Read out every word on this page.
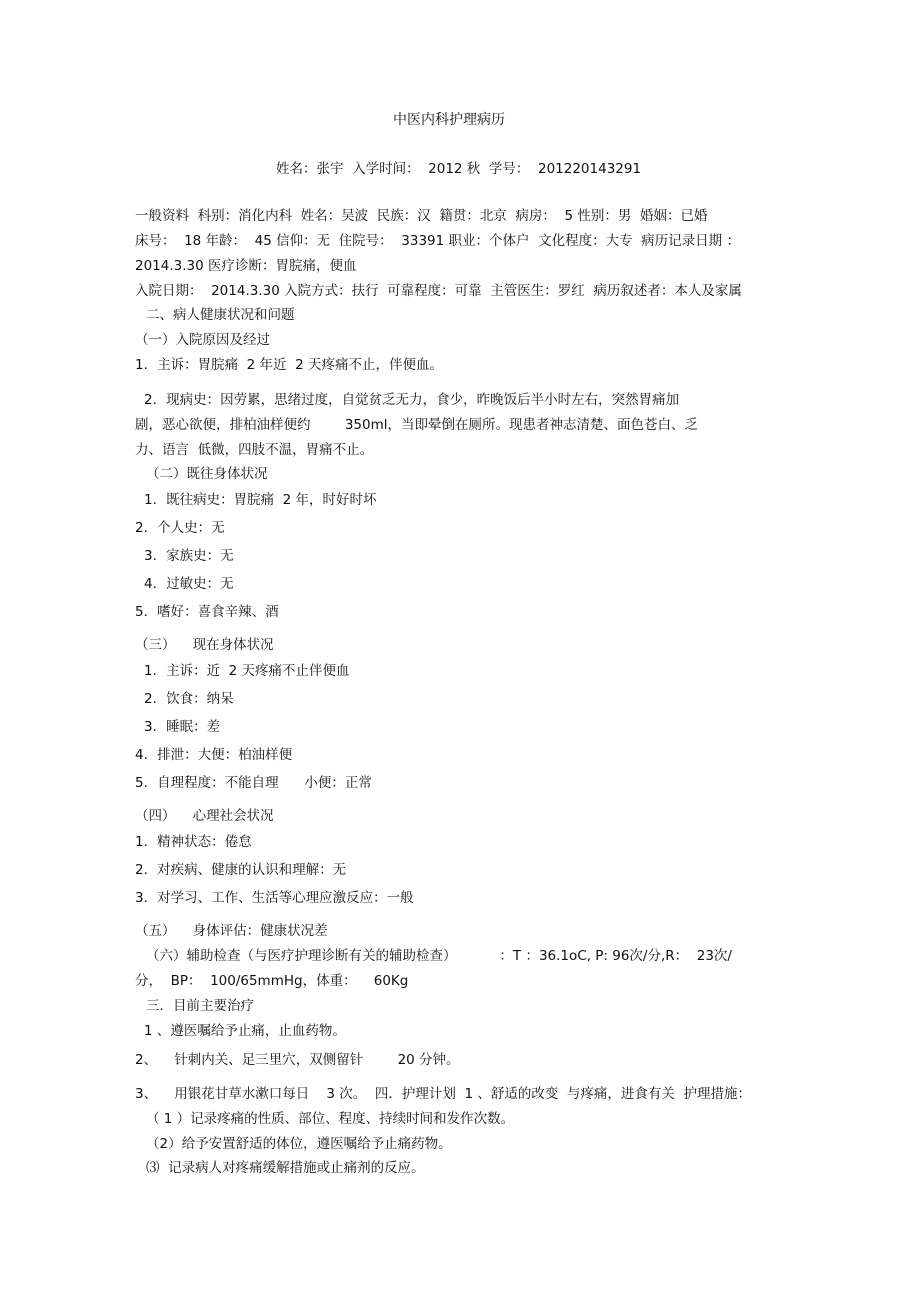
中医内科护理病历
姓名：张宇  入学时间：  2012 秋  学号：  201220143291
一般资料  科别：消化内科  姓名：吴波  民族：汉  籍贯：北京  病房：  5 性别：男  婚姻：已婚
床号：  18 年龄：  45 信仰：无  住院号：  33391 职业：个体户  文化程度：大专  病历记录日期 ：
2014.3.30 医疗诊断：胃脘痛，便血
入院日期：  2014.3.30 入院方式：扶行  可靠程度：可靠  主管医生：罗红  病历叙述者：本人及家属
二、病人健康状况和问题
（一）入院原因及经过
1．主诉：胃脘痛  2 年近  2 天疼痛不止，伴便血。
2．现病史：因劳累，思绪过度，自觉贫乏无力，食少，昨晚饭后半小时左右，突然胃痛加
剧，恶心欲便，排柏油样便约        350ml，当即晕倒在厕所。现患者神志清楚、面色苍白、乏
力、语言  低微，四肢不温，胃痛不止。
（二）既往身体状况
1．既往病史：胃脘痛  2 年，时好时坏
2．个人史：无
3．家族史：无
4．过敏史：无
5．嗜好：喜食辛辣、酒
（三）    现在身体状况
1．主诉：近  2 天疼痛不止伴便血
2．饮食：纳呆
3．睡眠：差
4．排泄：大便：柏油样便
5．自理程度：不能自理      小便：正常
（四）    心理社会状况
1．精神状态：倦怠
2．对疾病、健康的认识和理解：无
3．对学习、工作、生活等心理应激反应：一般
（五）    身体评估：健康状况差
（六）辅助检查（与医疗护理诊断有关的辅助检查）          ：T ：36.1oC, P: 96次/分,R：  23次/
分，  BP：  100/65mmHg，体重：    60Kg
三．目前主要治疗
1 、遵医嘱给予止痛，止血药物。
2、    针刺内关、足三里穴，双侧留针        20 分钟。
3、    用银花甘草水漱口每日    3 次。  四．护理计划  1 、舒适的改变  与疼痛，进食有关  护理措施：
（ 1 ）记录疼痛的性质、部位、程度、持续时间和发作次数。
（2）给予安置舒适的体位，遵医嘱给予止痛药物。
⑶  记录病人对疼痛缓解措施或止痛剂的反应。
